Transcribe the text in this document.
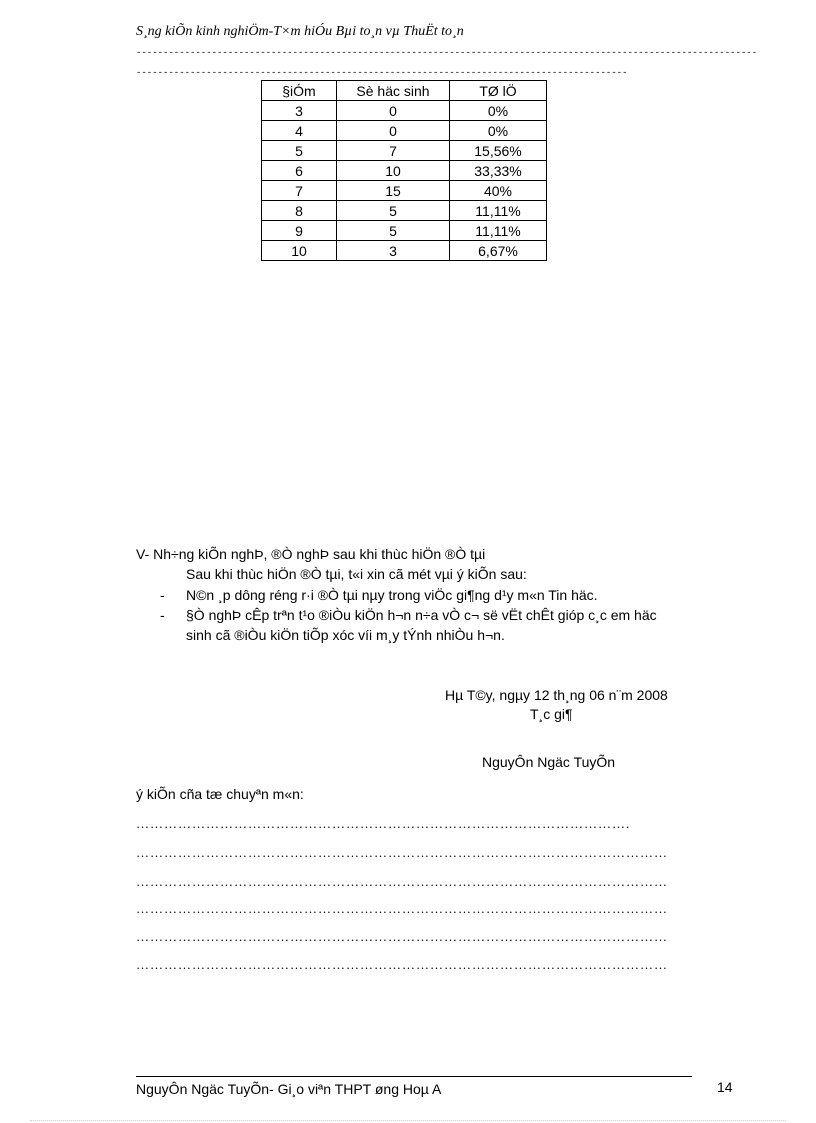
S¸ng kiÕn kinh nghiÖm-T×m hiÓu Bµi to¸n vµ ThuËt to¸n
-------------------------------------------------------------------------------------------------------------------
-------------------------------------------------------------------------------------------
§iÓm	Sè häc sinh	TØ lÖ
3	0	0%
4	0	0%
5	7	15,56%
6	10	33,33%
7	15	40%
8	5	11,11%
9	5	11,11%
10	3	6,67%
V- Nh÷ng kiÕn nghÞ, ®Ò nghÞ sau khi thùc hiÖn ®Ò tµi
Sau khi thùc hiÖn ®Ò tµi, t«i xin cã mét vµi ý kiÕn sau:
- N©n ¸p dông réng r·i ®Ò tµi nµy trong viÖc gi¶ng d¹y m«n Tin häc.
- §Ò nghÞ cÊp trªn t¹o ®iÒu kiÖn h¬n n÷a vÒ c¬ së vËt chÊt gióp c¸c em häc
sinh cã ®iÒu kiÖn tiÕp xóc víi m¸y tÝnh nhiÒu h¬n.
Hµ T©y, ngµy 12 th¸ng 06 n¨m 2008
T¸c gi¶
NguyÔn Ngäc TuyÕn
ý kiÕn cña tæ chuyªn m«n:
…………………………………………………………………………………………….
……………………………………………………………………………………………………
……………………………………………………………………………………………………
……………………………………………………………………………………………………
……………………………………………………………………………………………………
……………………………………………………………………………………………………
NguyÔn Ngäc TuyÕn- Gi¸o viªn THPT øng Hoµ A	14
